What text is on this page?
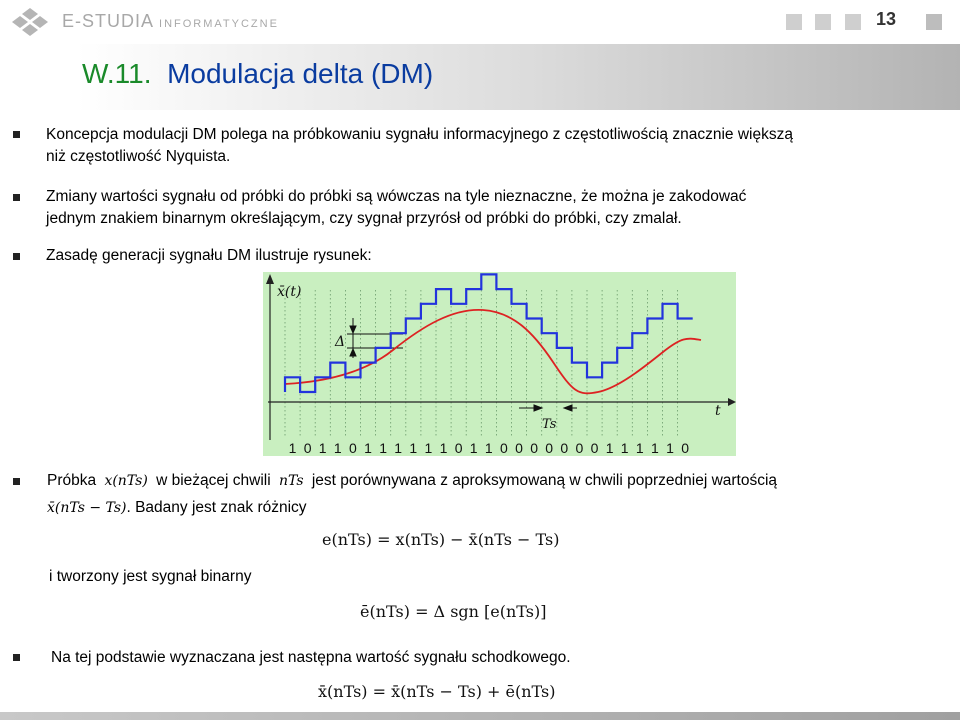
E-STUDIA INFORMATYCZNE	13
W.11. Modulacja delta (DM)
Koncepcja modulacji DM polega na próbkowaniu sygnału informacyjnego z częstotliwością znacznie większą
niż częstotliwość Nyquista.
Zmiany wartości sygnału od próbki do próbki są wówczas na tyle nieznaczne, że można je zakodować
jednym znakiem binarnym określającym, czy sygnał przyrósł od próbki do próbki, czy zmalał.
Zasadę generacji sygnału DM ilustruje rysunek:
x̄(t)
t
Δ
Ts
1 0 1 1 0 1 1 1 1 1 1 0 1 1 0 0 0 0 0 0 0 1 1 1 1 1 0
Próbka x(nTs) w bieżącej chwili nTs jest porównywana z aproksymowaną w chwili poprzedniej wartością
x̄(nTs − Ts). Badany jest znak różnicy
e(nTs) = x(nTs) − x̄(nTs − Ts)
i tworzony jest sygnał binarny
ē(nTs) = Δ sgn [e(nTs)]
Na tej podstawie wyznaczana jest następna wartość sygnału schodkowego.
x̄(nTs) = x̄(nTs − Ts) + ē(nTs)
